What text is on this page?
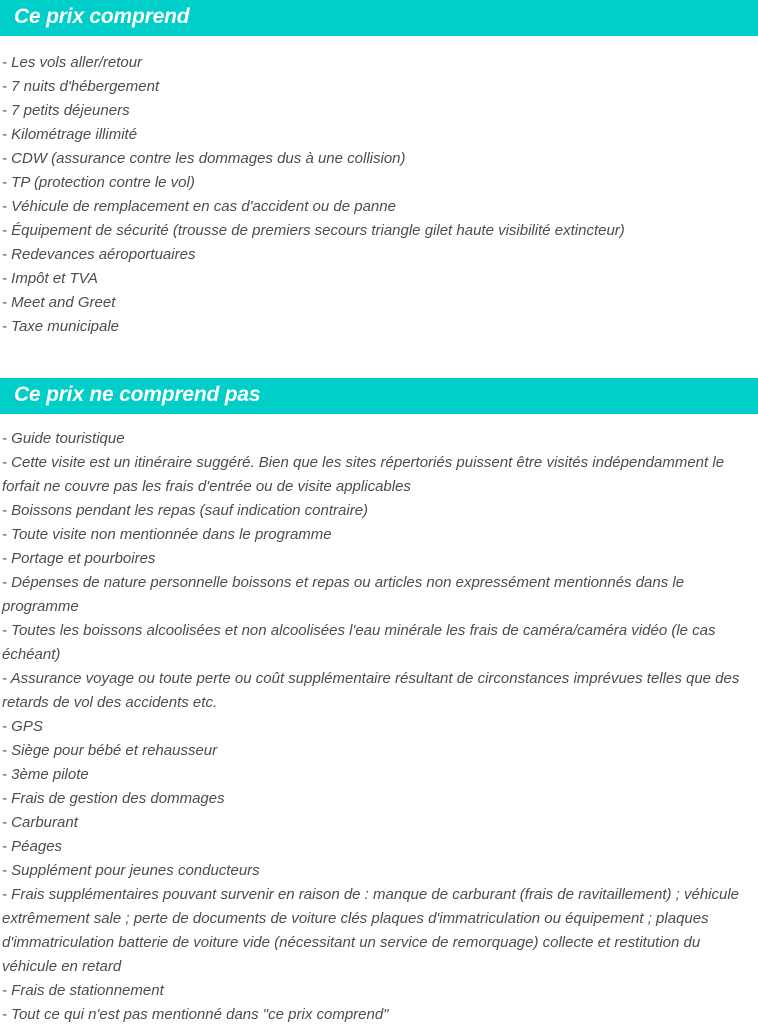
Ce prix comprend
- Les vols aller/retour
- 7 nuits d'hébergement
- 7 petits déjeuners
- Kilométrage illimité
- CDW (assurance contre les dommages dus à une collision)
- TP (protection contre le vol)
- Véhicule de remplacement en cas d'accident ou de panne
- Équipement de sécurité (trousse de premiers secours triangle gilet haute visibilité extincteur)
- Redevances aéroportuaires
- Impôt et TVA
- Meet and Greet
- Taxe municipale
Ce prix ne comprend pas
- Guide touristique
- Cette visite est un itinéraire suggéré. Bien que les sites répertoriés puissent être visités indépendamment le forfait ne couvre pas les frais d'entrée ou de visite applicables
- Boissons pendant les repas (sauf indication contraire)
- Toute visite non mentionnée dans le programme
- Portage et pourboires
- Dépenses de nature personnelle boissons et repas ou articles non expressément mentionnés dans le programme
- Toutes les boissons alcoolisées et non alcoolisées l'eau minérale les frais de caméra/caméra vidéo (le cas échéant)
- Assurance voyage ou toute perte ou coût supplémentaire résultant de circonstances imprévues telles que des retards de vol des accidents etc.
- GPS
- Siège pour bébé et rehausseur
- 3ème pilote
- Frais de gestion des dommages
- Carburant
- Péages
- Supplément pour jeunes conducteurs
- Frais supplémentaires pouvant survenir en raison de : manque de carburant (frais de ravitaillement) ; véhicule extrêmement sale ; perte de documents de voiture clés plaques d'immatriculation ou équipement ; plaques d'immatriculation batterie de voiture vide (nécessitant un service de remorquage) collecte et restitution du véhicule en retard
- Frais de stationnement
- Tout ce qui n'est pas mentionné dans "ce prix comprend"
